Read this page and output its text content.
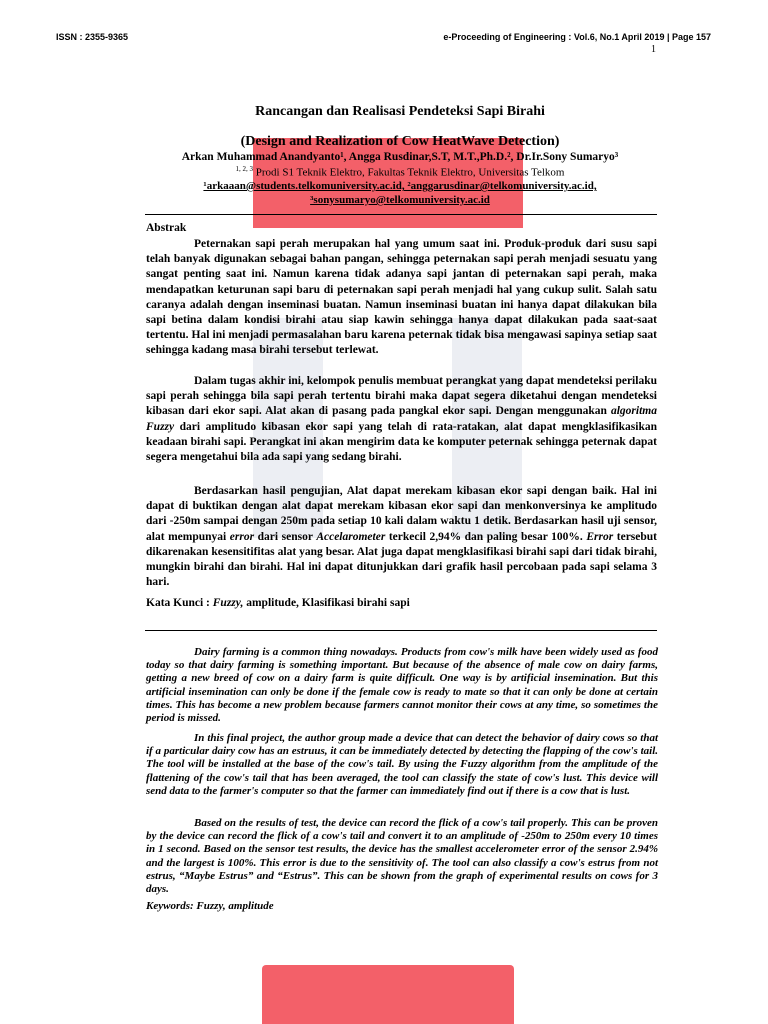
ISSN : 2355-9365	e-Proceeding of Engineering : Vol.6, No.1 April 2019 | Page 157
1
Rancangan dan Realisasi Pendeteksi Sapi Birahi
(Design and Realization of Cow HeatWave Detection)
Arkan Muhammad Anandyanto¹, Angga Rusdinar,S.T, M.T.,Ph.D.², Dr.Ir.Sony Sumaryo³
$^{1, 2, 3}$ Prodi S1 Teknik Elektro, Fakultas Teknik Elektro, Universitas Telkom
¹arkaaan@students.telkomuniversity.ac.id, ²anggarusdinar@telkomuniversity.ac.id,
³sonysumaryo@telkomuniversity.ac.id
Abstrak

Peternakan sapi perah merupakan hal yang umum saat ini. Produk-produk dari susu sapi telah banyak digunakan sebagai bahan pangan, sehingga peternakan sapi perah menjadi sesuatu yang sangat penting saat ini. Namun karena tidak adanya sapi jantan di peternakan sapi perah, maka mendapatkan keturunan sapi baru di peternakan sapi perah menjadi hal yang cukup sulit. Salah satu caranya adalah dengan inseminasi buatan. Namun inseminasi buatan ini hanya dapat dilakukan bila sapi betina dalam kondisi birahi atau siap kawin sehingga hanya dapat dilakukan pada saat-saat tertentu. Hal ini menjadi permasalahan baru karena peternak tidak bisa mengawasi sapinya setiap saat sehingga kadang masa birahi tersebut terlewat.

Dalam tugas akhir ini, kelompok penulis membuat perangkat yang dapat mendeteksi perilaku sapi perah sehingga bila sapi perah tertentu birahi maka dapat segera diketahui dengan mendeteksi kibasan dari ekor sapi. Alat akan di pasang pada pangkal ekor sapi. Dengan menggunakan algoritma Fuzzy dari amplitudo kibasan ekor sapi yang telah di rata-ratakan, alat dapat mengklasifikasikan keadaan birahi sapi. Perangkat ini akan mengirim data ke komputer peternak sehingga peternak dapat segera mengetahui bila ada sapi yang sedang birahi.

Berdasarkan hasil pengujian, Alat dapat merekam kibasan ekor sapi dengan baik. Hal ini dapat di buktikan dengan alat dapat merekam kibasan ekor sapi dan menkonversinya ke amplitudo dari -250m sampai dengan 250m pada setiap 10 kali dalam waktu 1 detik. Berdasarkan hasil uji sensor, alat mempunyai error dari sensor Accelarometer terkecil 2,94% dan paling besar 100%. Error tersebut dikarenakan kesensitifitas alat yang besar. Alat juga dapat mengklasifikasi birahi sapi dari tidak birahi, mungkin birahi dan birahi. Hal ini dapat ditunjukkan dari grafik hasil percobaan pada sapi selama 3 hari.

Kata Kunci : Fuzzy, amplitude, Klasifikasi birahi sapi

Dairy farming is a common thing nowadays. Products from cow's milk have been widely used as food today so that dairy farming is something important. But because of the absence of male cow on dairy farms, getting a new breed of cow on a dairy farm is quite difficult. One way is by artificial insemination. But this artificial insemination can only be done if the female cow is ready to mate so that it can only be done at certain times. This has become a new problem because farmers cannot monitor their cows at any time, so sometimes the period is missed.

In this final project, the author group made a device that can detect the behavior of dairy cows so that if a particular dairy cow has an estruus, it can be immediately detected by detecting the flapping of the cow's tail. The tool will be installed at the base of the cow's tail. By using the Fuzzy algorithm from the amplitude of the flattening of the cow's tail that has been averaged, the tool can classify the state of cow's lust. This device will send data to the farmer's computer so that the farmer can immediately find out if there is a cow that is lust.

Based on the results of test, the device can record the flick of a cow's tail properly. This can be proven by the device can record the flick of a cow's tail and convert it to an amplitude of -250m to 250m every 10 times in 1 second. Based on the sensor test results, the device has the smallest accelerometer error of the sensor 2.94% and the largest is 100%. This error is due to the sensitivity of. The tool can also classify a cow's estrus from not estrus, “Maybe Estrus” and “Estrus”. This can be shown from the graph of experimental results on cows for 3 days.

Keywords: Fuzzy, amplitude
